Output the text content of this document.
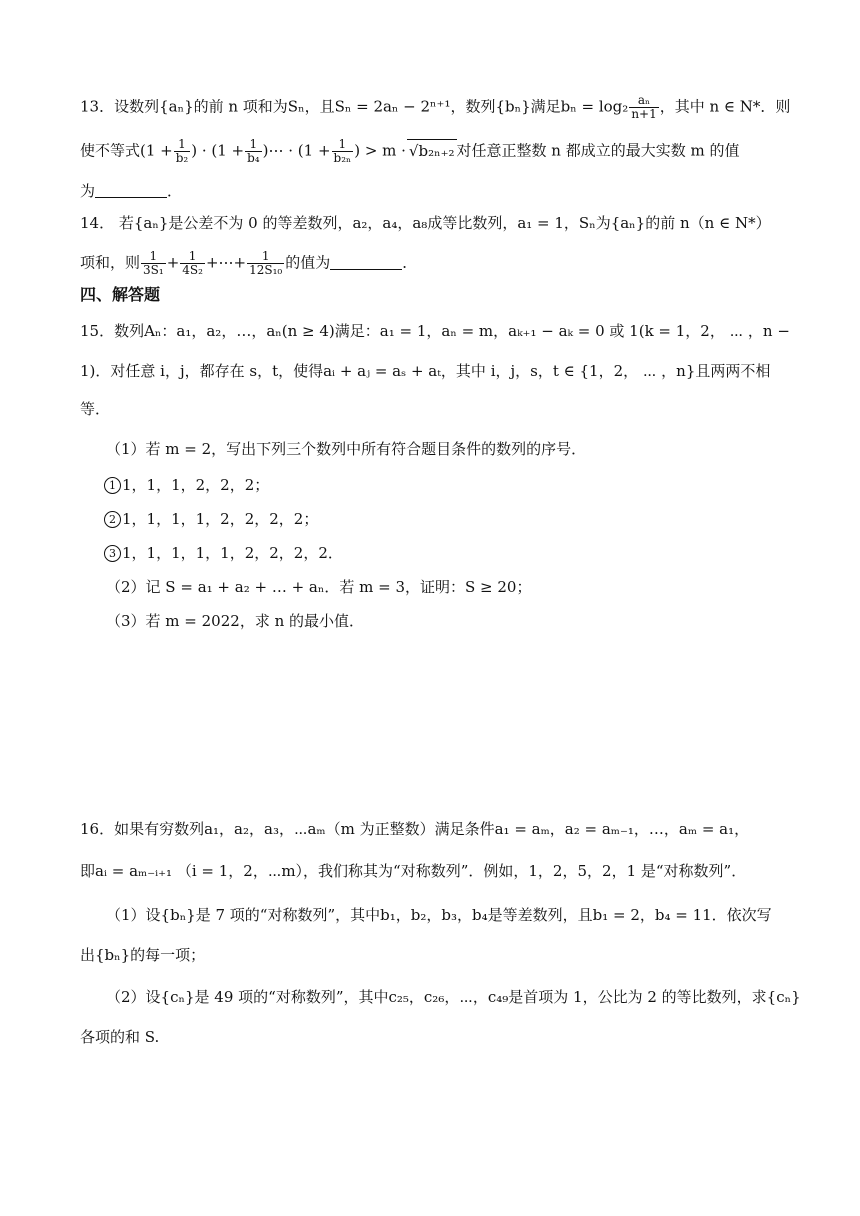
13．设数列{aₙ}的前 n 项和为Sₙ，且Sₙ = 2aₙ − 2ⁿ⁺¹，数列{bₙ}满足$b_n = \log_2 \frac{\text{aₙ}}{n+1}$ ，其中 n ∈ N*．则
使不等式($1 + \frac{1}{\text{b₂}}$ ) · ($1 + \frac{1}{\text{b₄}}$ )⋯ · ($1 + \frac{1}{\text{b₂ₙ}}$ ) > m · √b₂ₙ₊₂ 对任意正整数 n 都成立的最大实数 m 的值
为	．
14． 若{aₙ}是公差不为 0 的等差数列，a₂，a₄，a₈成等比数列，a₁ = 1，Sₙ为{aₙ}的前 n（n ∈ N*）
项和，则 $\frac{1}{\text{3S₁}} + \frac{1}{\text{4S₂}}$ +⋯+ $\frac{1}{\text{12S₁₀}}$ 的值为	．
四、解答题
15．数列Aₙ：a₁，a₂，…，aₙ(n ≥ 4)满足：a₁ = 1，aₙ = m，aₖ₊₁ − aₖ = 0 或 1(k = 1，2， ⋯ ，n −
1)．对任意 i，j，都存在 s，t，使得aᵢ + aⱼ = aₛ + aₜ，其中 i，j，s，t ∈ {1，2， ⋯ ，n}且两两不相
等．
（1）若 m = 2，写出下列三个数列中所有符合题目条件的数列的序号．
1 1，1，1，2，2，2；
2 1，1，1，1，2，2，2，2；
3 1，1，1，1，1，2，2，2，2．
（2）记 S = a₁ + a₂ + … + aₙ．若 m = 3，证明：S ≥ 20；
（3）若 m = 2022，求 n 的最小值．
16．如果有穷数列a₁，a₂，a₃，⋯aₘ（m 为正整数）满足条件a₁ = aₘ，a₂ = aₘ₋₁，…，aₘ = a₁，
即aᵢ = aₘ₋ᵢ₊₁ （i = 1，2，⋯m），我们称其为“对称数列”．例如，1，2，5，2，1 是“对称数列”．
（1）设{bₙ}是 7 项的“对称数列”，其中b₁，b₂，b₃，b₄是等差数列，且b₁ = 2，b₄ = 11．依次写
出{bₙ}的每一项；
（2）设{cₙ}是 49 项的“对称数列”，其中c₂₅，c₂₆，⋯，c₄₉是首项为 1，公比为 2 的等比数列，求{cₙ}
各项的和 S.
